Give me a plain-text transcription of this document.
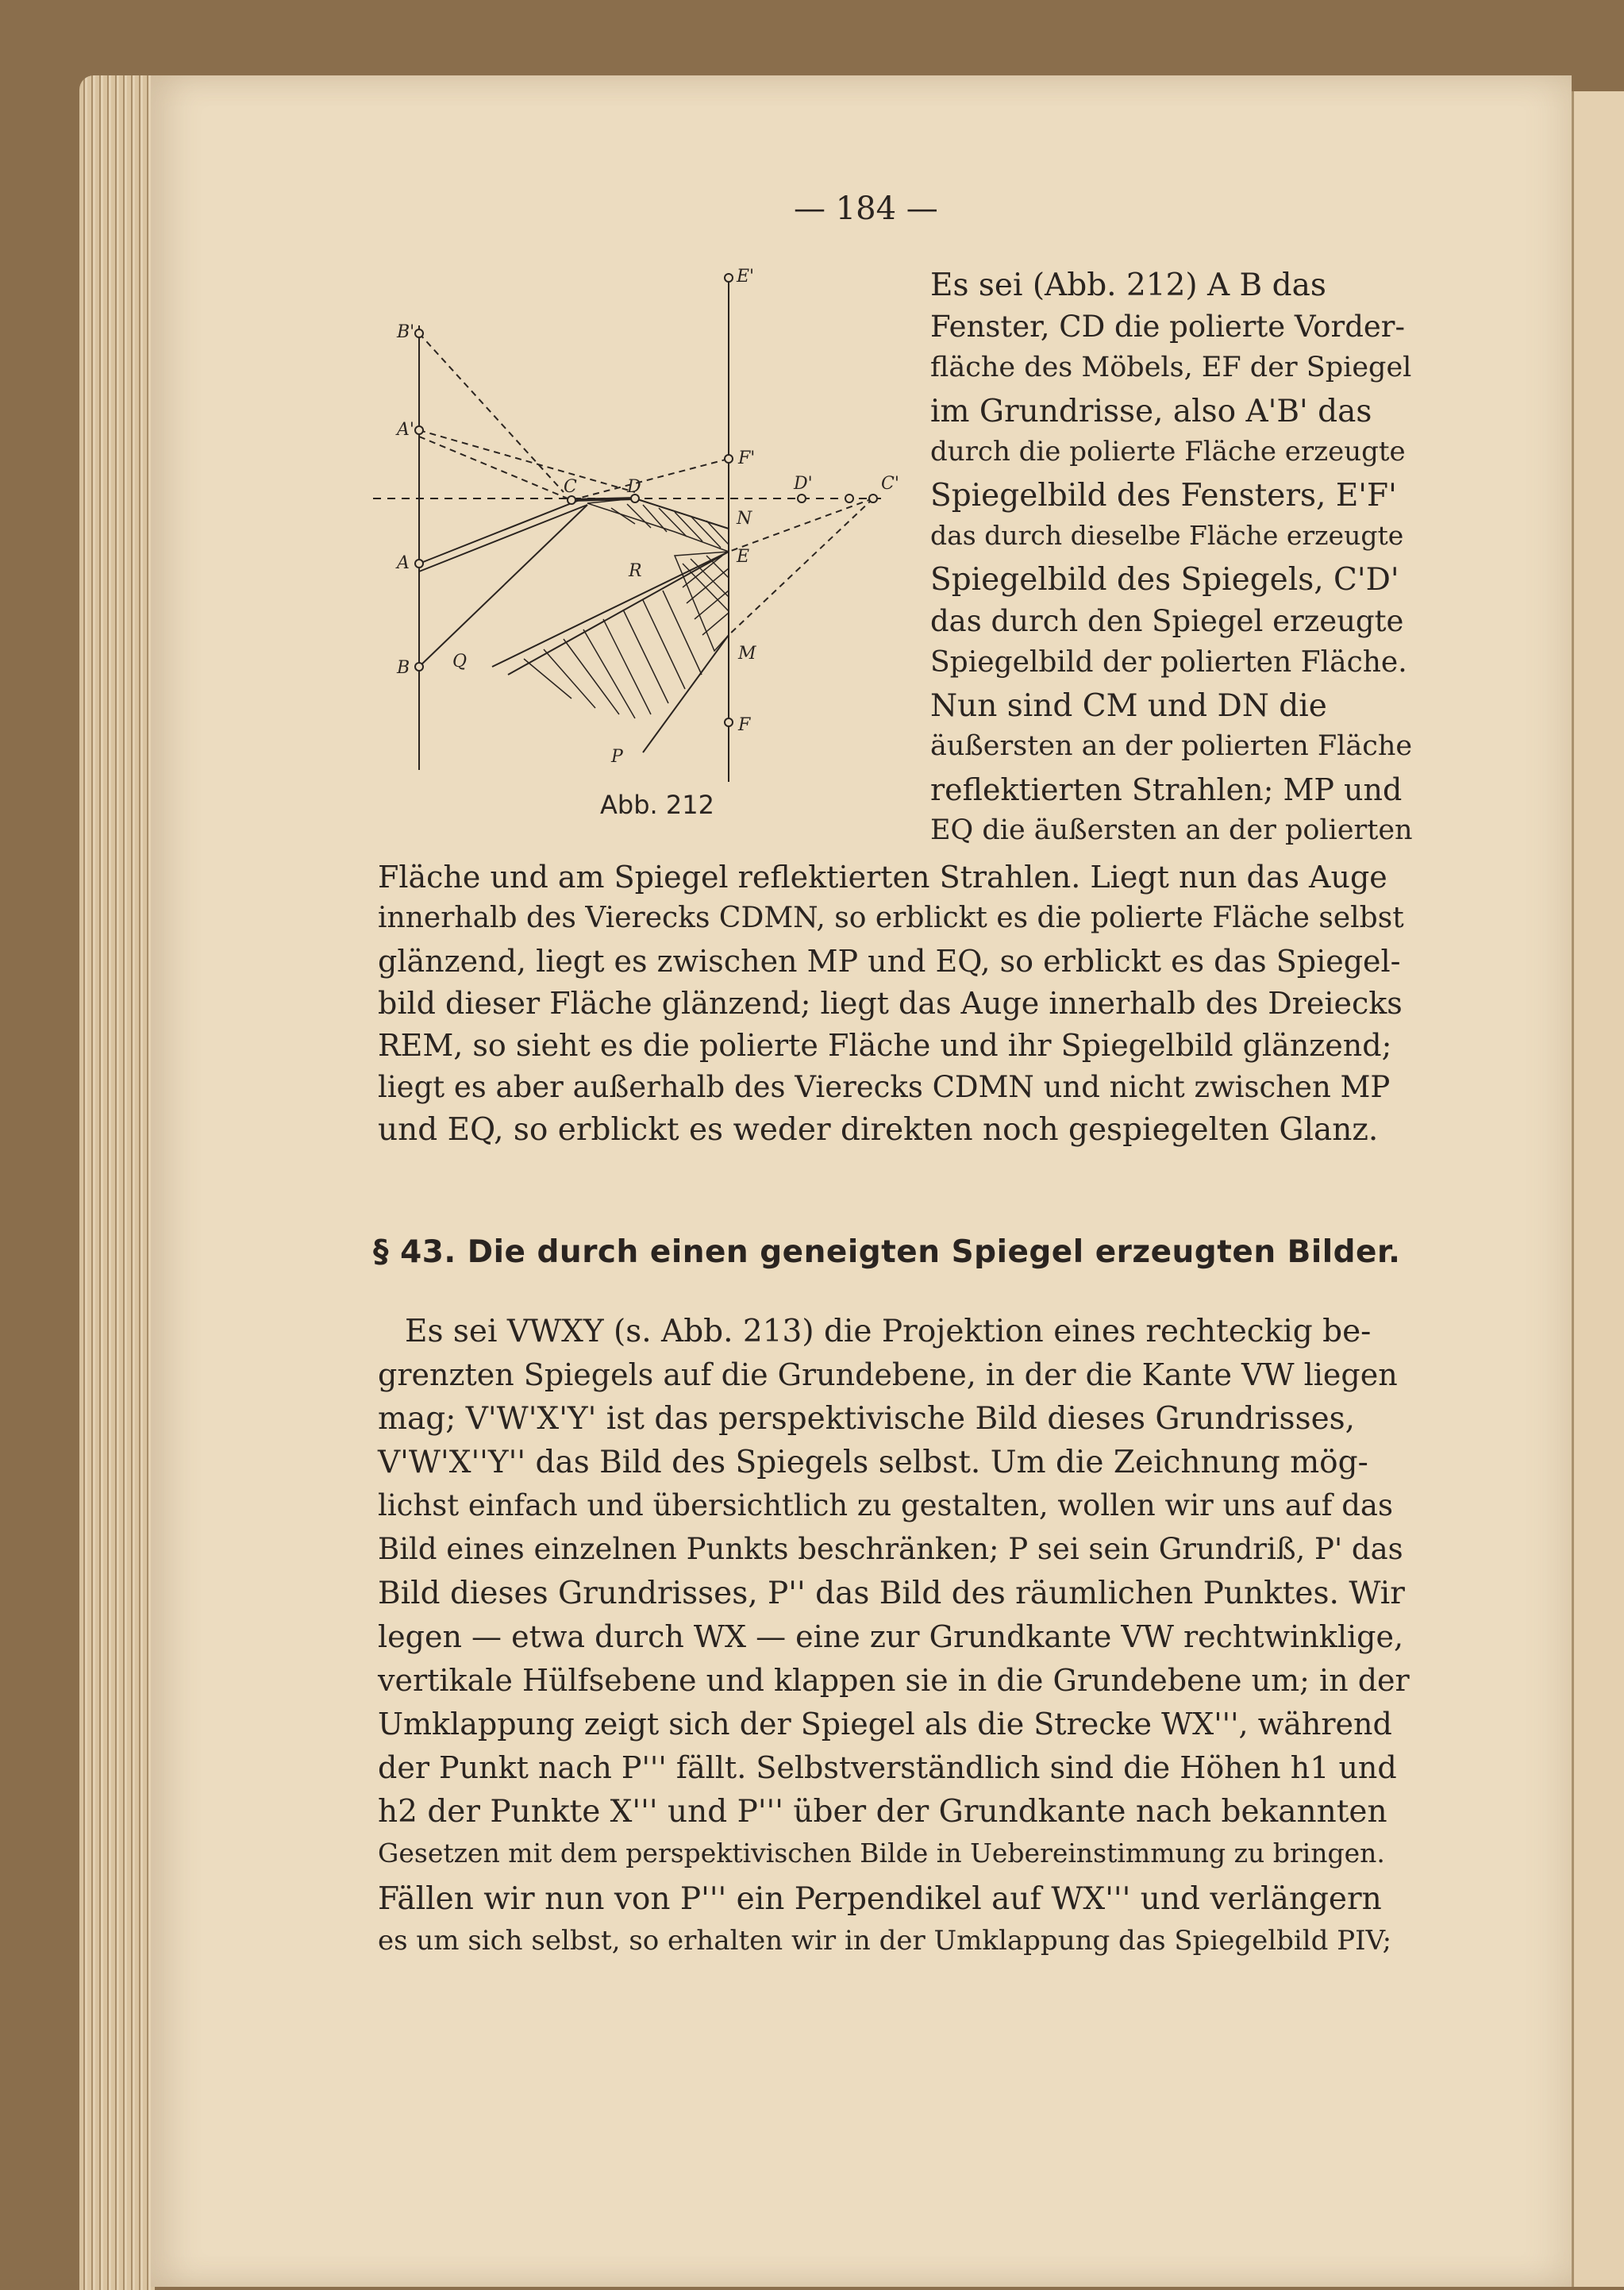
— 184 —
E'
B'
A'
F'
C	D	D'	C'
N
E
A	R
B Q	M
F
P
Abb. 212
Es sei (Abb. 212) A B das
Fenster, CD die polierte Vorder-
fläche des Möbels, EF der Spiegel
im Grundrisse, also A'B' das
durch die polierte Fläche erzeugte
Spiegelbild des Fensters, E'F'
das durch dieselbe Fläche erzeugte
Spiegelbild des Spiegels, C'D'
das durch den Spiegel erzeugte
Spiegelbild der polierten Fläche.
Nun sind CM und DN die
äußersten an der polierten Fläche
reflektierten Strahlen; MP und
EQ die äußersten an der polierten
Fläche und am Spiegel reflektierten Strahlen. Liegt nun das Auge
innerhalb des Vierecks CDMN, so erblickt es die polierte Fläche selbst
glänzend, liegt es zwischen MP und EQ, so erblickt es das Spiegel-
bild dieser Fläche glänzend; liegt das Auge innerhalb des Dreiecks
REM, so sieht es die polierte Fläche und ihr Spiegelbild glänzend;
liegt es aber außerhalb des Vierecks CDMN und nicht zwischen MP
und EQ, so erblickt es weder direkten noch gespiegelten Glanz.
§ 43. Die durch einen geneigten Spiegel erzeugten Bilder.
Es sei VWXY (s. Abb. 213) die Projektion eines rechteckig be-
grenzten Spiegels auf die Grundebene, in der die Kante VW liegen
mag; V'W'X'Y' ist das perspektivische Bild dieses Grundrisses,
V'W'X''Y'' das Bild des Spiegels selbst. Um die Zeichnung mög-
lichst einfach und übersichtlich zu gestalten, wollen wir uns auf das
Bild eines einzelnen Punkts beschränken; P sei sein Grundriß, P' das
Bild dieses Grundrisses, P'' das Bild des räumlichen Punktes. Wir
legen — etwa durch WX — eine zur Grundkante VW rechtwinklige,
vertikale Hülfsebene und klappen sie in die Grundebene um; in der
Umklappung zeigt sich der Spiegel als die Strecke WX''', während
der Punkt nach P''' fällt. Selbstverständlich sind die Höhen h1 und
h2 der Punkte X''' und P''' über der Grundkante nach bekannten
Gesetzen mit dem perspektivischen Bilde in Uebereinstimmung zu bringen.
Fällen wir nun von P''' ein Perpendikel auf WX''' und verlängern
es um sich selbst, so erhalten wir in der Umklappung das Spiegelbild PIV;
